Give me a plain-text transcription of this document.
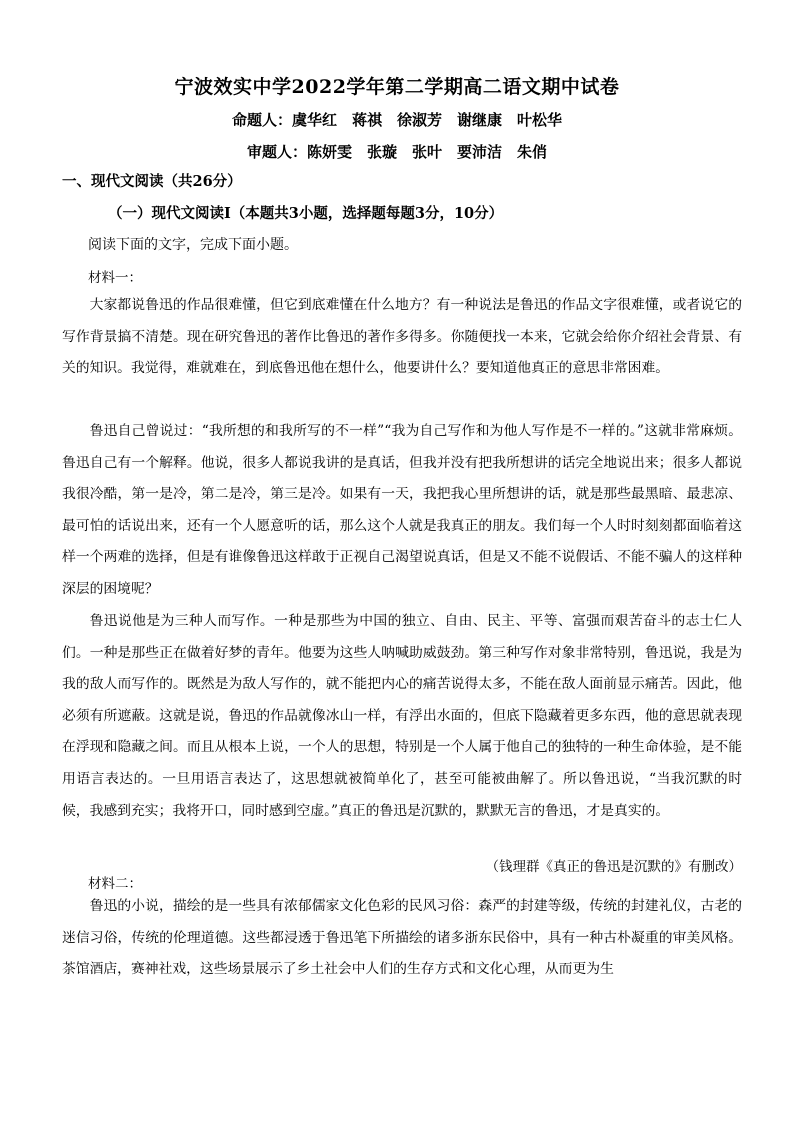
宁波效实中学2022学年第二学期高二语文期中试卷
命题人：虞华红　蒋祺　徐淑芳　谢继康　叶松华
审题人：陈妍雯　张璇　张叶　要沛洁　朱俏
一、现代文阅读（共26分）
（一）现代文阅读Ⅰ（本题共3小题，选择题每题3分，10分）
阅读下面的文字，完成下面小题。
材料一：

大家都说鲁迅的作品很难懂，但它到底难懂在什么地方？有一种说法是鲁迅的作品文字很难懂，或者说它的写作背景搞不清楚。现在研究鲁迅的著作比鲁迅的著作多得多。你随便找一本来，它就会给你介绍社会背景、有关的知识。我觉得，难就难在，到底鲁迅他在想什么，他要讲什么？要知道他真正的意思非常困难。

鲁迅自己曾说过：“我所想的和我所写的不一样”“我为自己写作和为他人写作是不一样的。”这就非常麻烦。鲁迅自己有一个解释。他说，很多人都说我讲的是真话，但我并没有把我所想讲的话完全地说出来；很多人都说我很冷酷，第一是冷，第二是冷，第三是冷。如果有一天，我把我心里所想讲的话，就是那些最黑暗、最悲凉、最可怕的话说出来，还有一个人愿意听的话，那么这个人就是我真正的朋友。我们每一个人时时刻刻都面临着这样一个两难的选择，但是有谁像鲁迅这样敢于正视自己渴望说真话，但是又不能不说假话、不能不骗人的这样种深层的困境呢？

鲁迅说他是为三种人而写作。一种是那些为中国的独立、自由、民主、平等、富强而艰苦奋斗的志士仁人们。一种是那些正在做着好梦的青年。他要为这些人呐喊助威鼓劲。第三种写作对象非常特别，鲁迅说，我是为我的敌人而写作的。既然是为敌人写作的，就不能把内心的痛苦说得太多，不能在敌人面前显示痛苦。因此，他必须有所遮蔽。这就是说，鲁迅的作品就像冰山一样，有浮出水面的，但底下隐藏着更多东西，他的意思就表现在浮现和隐藏之间。而且从根本上说，一个人的思想，特别是一个人属于他自己的独特的一种生命体验，是不能用语言表达的。一旦用语言表达了，这思想就被简单化了，甚至可能被曲解了。所以鲁迅说，“当我沉默的时候，我感到充实；我将开口，同时感到空虚。”真正的鲁迅是沉默的，默默无言的鲁迅，才是真实的。

（钱理群《真正的鲁迅是沉默的》有删改）
材料二：

鲁迅的小说，描绘的是一些具有浓郁儒家文化色彩的民风习俗：森严的封建等级，传统的封建礼仪，古老的迷信习俗，传统的伦理道德。这些都浸透于鲁迅笔下所描绘的诸多浙东民俗中，具有一种古朴凝重的审美风格。茶馆酒店，赛神社戏，这些场景展示了乡土社会中人们的生存方式和文化心理，从而更为生
